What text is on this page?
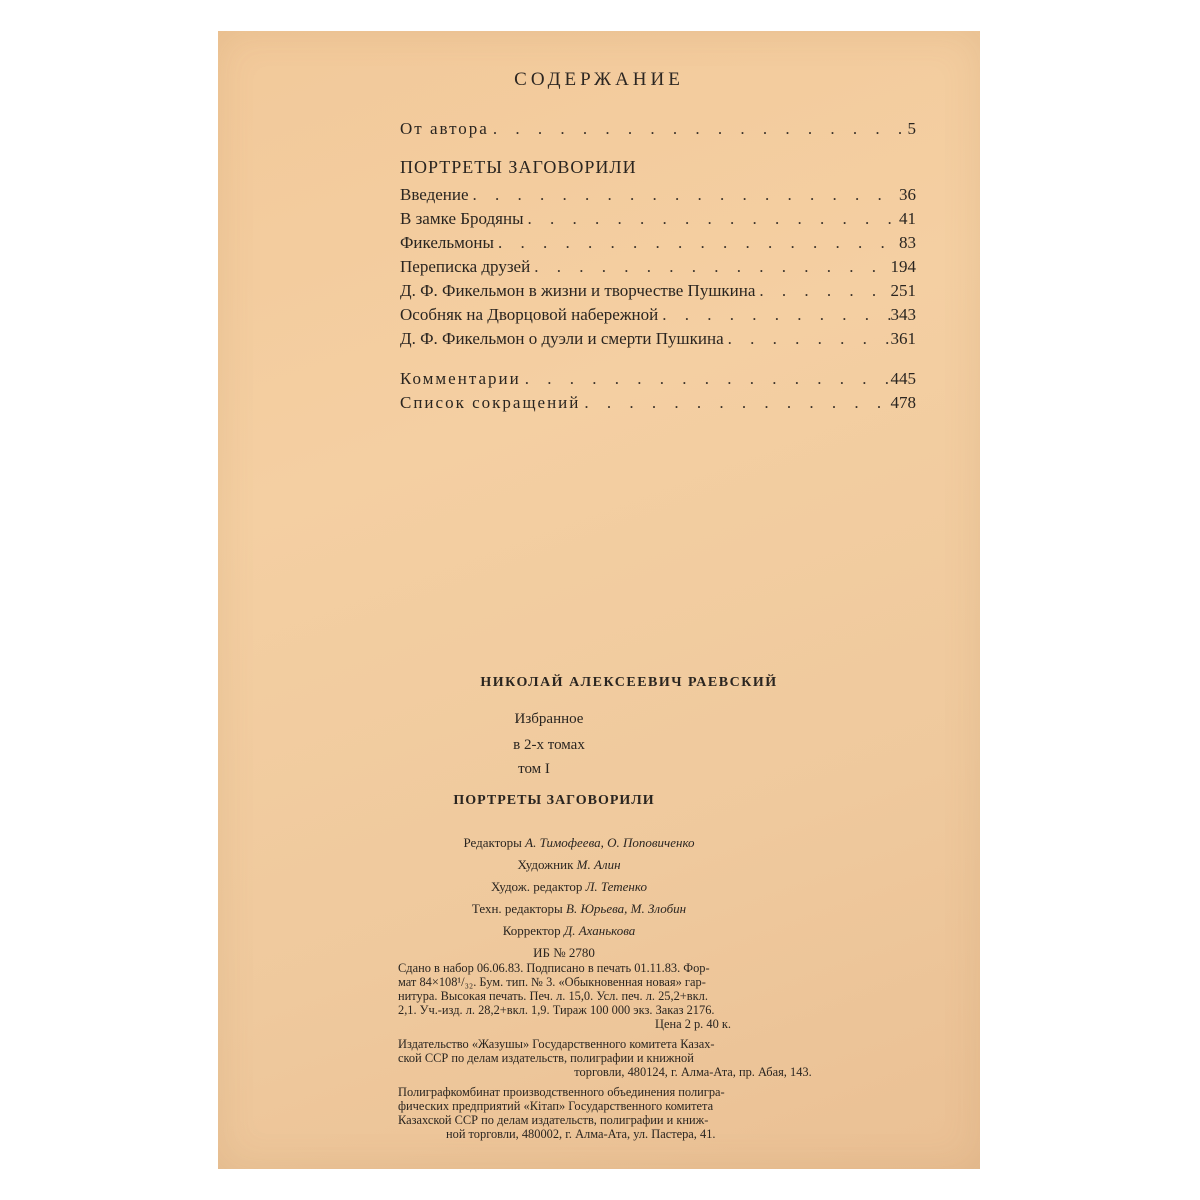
СОДЕРЖАНИЕ
От автора . . .	5
ПОРТРЕТЫ ЗАГОВОРИЛИ
Введение . . .	36
В замке Бродяны . . .	41
Фикельмоны . . .	83
Переписка друзей . . .	194
Д. Ф. Фикельмон в жизни и творчестве Пушкина . . .	251
Особняк на Дворцовой набережной . . .	343
Д. Ф. Фикельмон о дуэли и смерти Пушкина . . .	361
Комментарии . . .	445
Список сокращений . . .	478
НИКОЛАЙ АЛЕКСЕЕВИЧ РАЕВСКИЙ
Избранное
в 2-х томах
том I
ПОРТРЕТЫ ЗАГОВОРИЛИ
Редакторы А. Тимофеева, О. Поповиченко
Художник М. Алин
Худож. редактор Л. Тетенко
Техн. редакторы В. Юрьева, М. Злобин
Корректор Д. Аханькова
ИБ № 2780
Сдано в набор 06.06.83. Подписано в печать 01.11.83. Фор-
мат 84×108¹/₃₂. Бум. тип. № 3. «Обыкновенная новая» гар-
нитура. Высокая печать. Печ. л. 15,0. Усл. печ. л. 25,2+вкл.
2,1. Уч.-изд. л. 28,2+вкл. 1,9. Тираж 100 000 экз. Заказ 2176.
Цена 2 р. 40 к.
Издательство «Жазушы» Государственного комитета Казах-
ской ССР по делам издательств, полиграфии и книжной
торговли, 480124, г. Алма-Ата, пр. Абая, 143.
Полиграфкомбинат производственного объединения полигра-
фических предприятий «Кітап» Государственного комитета
Казахской ССР по делам издательств, полиграфии и книж-
ной торговли, 480002, г. Алма-Ата, ул. Пастера, 41.
